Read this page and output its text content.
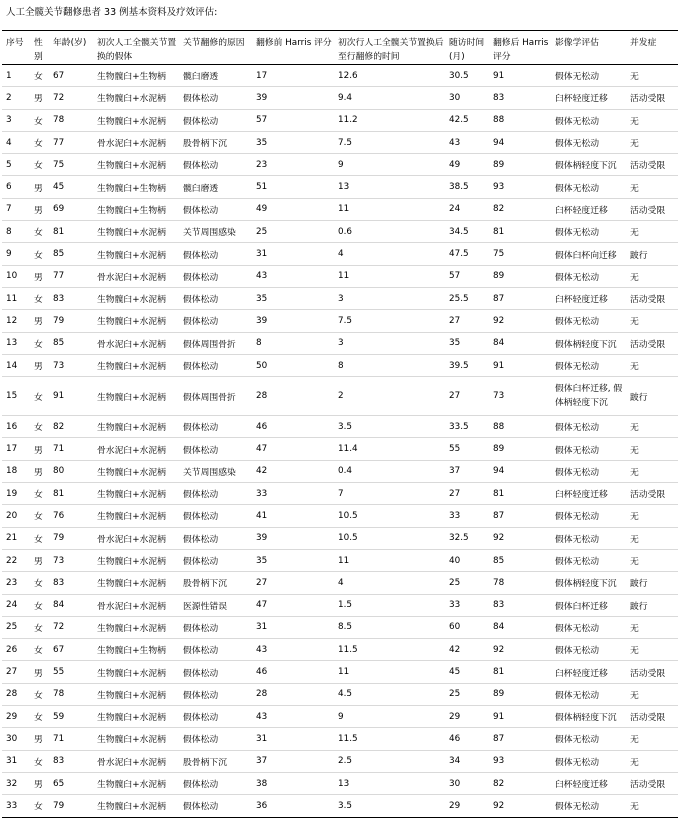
人工全髋关节翻修患者 33 例基本资料及疗效评估:
序号	性别	年龄(岁)	初次人工全髋关节置换的假体	关节翻修的原因	翻修前 Harris 评分	初次行人工全髋关节置换后至行翻修的时间	随访时间(月)	翻修后 Harris 评分	影像学评估	并发症
1	女	67	生物髋臼+生物柄	髋臼磨透	17	12.6	30.5	91	假体无松动	无
2	男	72	生物髋臼+水泥柄	假体松动	39	9.4	30	83	臼杯轻度迁移	活动受限
3	女	78	生物髋臼+水泥柄	假体松动	57	11.2	42.5	88	假体无松动	无
4	女	77	骨水泥臼+水泥柄	股骨柄下沉	35	7.5	43	94	假体无松动	无
5	女	75	生物髋臼+水泥柄	假体松动	23	9	49	89	假体柄轻度下沉	活动受限
6	男	45	生物髋臼+生物柄	髋臼磨透	51	13	38.5	93	假体无松动	无
7	男	69	生物髋臼+生物柄	假体松动	49	11	24	82	臼杯轻度迁移	活动受限
8	女	81	生物髋臼+水泥柄	关节周围感染	25	0.6	34.5	81	假体无松动	无
9	女	85	生物髋臼+水泥柄	假体松动	31	4	47.5	75	假体臼杯向迁移	跛行
10	男	77	骨水泥臼+水泥柄	假体松动	43	11	57	89	假体无松动	无
11	女	83	生物髋臼+水泥柄	假体松动	35	3	25.5	87	臼杯轻度迁移	活动受限
12	男	79	生物髋臼+水泥柄	假体松动	39	7.5	27	92	假体无松动	无
13	女	85	骨水泥臼+水泥柄	假体周围骨折	8	3	35	84	假体柄轻度下沉	活动受限
14	男	73	生物髋臼+水泥柄	假体松动	50	8	39.5	91	假体无松动	无
15	女	91	生物髋臼+水泥柄	假体周围骨折	28	2	27	73	假体臼杯迁移, 假体柄轻度下沉	跛行
16	女	82	生物髋臼+水泥柄	假体松动	46	3.5	33.5	88	假体无松动	无
17	男	71	骨水泥臼+水泥柄	假体松动	47	11.4	55	89	假体无松动	无
18	男	80	生物髋臼+水泥柄	关节周围感染	42	0.4	37	94	假体无松动	无
19	女	81	生物髋臼+水泥柄	假体松动	33	7	27	81	臼杯轻度迁移	活动受限
20	女	76	生物髋臼+水泥柄	假体松动	41	10.5	33	87	假体无松动	无
21	女	79	骨水泥臼+水泥柄	假体松动	39	10.5	32.5	92	假体无松动	无
22	男	73	生物髋臼+水泥柄	假体松动	35	11	40	85	假体无松动	无
23	女	83	生物髋臼+水泥柄	股骨柄下沉	27	4	25	78	假体柄轻度下沉	跛行
24	女	84	骨水泥臼+水泥柄	医源性错误	47	1.5	33	83	假体臼杯迁移	跛行
25	女	72	生物髋臼+水泥柄	假体松动	31	8.5	60	84	假体无松动	无
26	女	67	生物髋臼+生物柄	假体松动	43	11.5	42	92	假体无松动	无
27	男	55	生物髋臼+水泥柄	假体松动	46	11	45	81	臼杯轻度迁移	活动受限
28	女	78	生物髋臼+水泥柄	假体松动	28	4.5	25	89	假体无松动	无
29	女	59	生物髋臼+水泥柄	假体松动	43	9	29	91	假体柄轻度下沉	活动受限
30	男	71	生物髋臼+水泥柄	假体松动	31	11.5	46	87	假体无松动	无
31	女	83	骨水泥臼+水泥柄	股骨柄下沉	37	2.5	34	93	假体无松动	无
32	男	65	生物髋臼+水泥柄	假体松动	38	13	30	82	臼杯轻度迁移	活动受限
33	女	79	生物髋臼+水泥柄	假体松动	36	3.5	29	92	假体无松动	无
